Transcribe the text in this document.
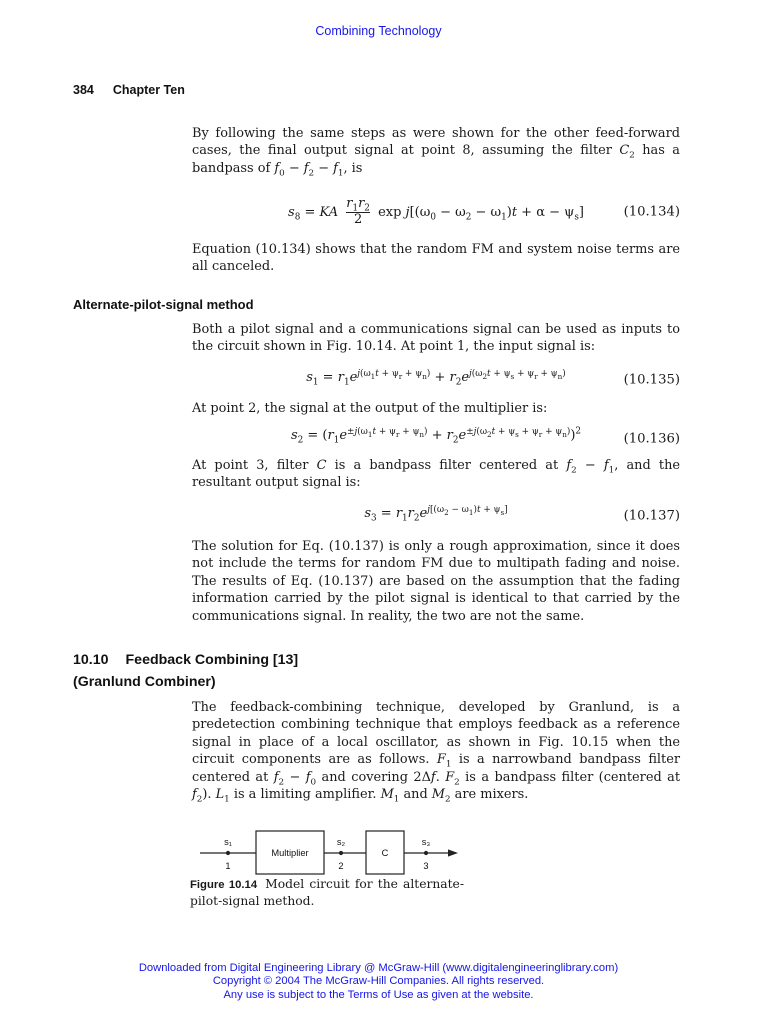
Combining Technology
384 Chapter Ten

By following the same steps as were shown for the other feed-forward cases, the final output signal at point 8, assuming the filter $C_2$ has a bandpass of $f_0 - f_2 - f_1$, is

$s_8$ = KA $\frac{r_1r_2}{2}$ $\exp j[(\omega_0 - \omega_2 - \omega_1)t + \alpha - \psi_s]$	(10.134)

Equation (10.134) shows that the random FM and system noise terms are all canceled.

Alternate-pilot-signal method

Both a pilot signal and a communications signal can be used as inputs to the circuit shown in Fig. 10.14. At point 1, the input signal is:

$s_1 = r_1e^{j(\omega_1t + \psi_r + \psi_n)} + r_2e^{j(\omega_2t + \psi_s + \psi_r + \psi_n)}$	(10.135)

At point 2, the signal at the output of the multiplier is:

$s_2 = (r_1e^{\pm j(\omega_1t + \psi_r + \psi_n)} + r_2e^{\pm j(\omega_2t + \psi_s + \psi_r + \psi_n)})^2$	(10.136)

At point 3, filter C is a bandpass filter centered at $f_2 - f_1$, and the resultant output signal is:

$s_3 = r_1r_2e^{j[(\omega_2 - \omega_1)t + \psi_s]}$	(10.137)

The solution for Eq. (10.137) is only a rough approximation, since it does not include the terms for random FM due to multipath fading and noise. The results of Eq. (10.137) are based on the assumption that the fading information carried by the pilot signal is identical to that carried by the communications signal. In reality, the two are not the same.

10.10 Feedback Combining [13]
(Granlund Combiner)

The feedback-combining technique, developed by Granlund, is a predetection combining technique that employs feedback as a reference signal in place of a local oscillator, as shown in Fig. 10.15 when the circuit components are as follows. $F_1$ is a narrowband bandpass filter centered at $f_2 - f_0$ and covering 2Δf. $F_2$ is a bandpass filter (centered at $f_2$). $L_1$ is a limiting amplifier. $M_1$ and $M_2$ are mixers.

Multiplier	C
s₁	s₂	s₃
1	2	3
Figure 10.14 Model circuit for the alternate-pilot-signal method.
Downloaded from Digital Engineering Library @ McGraw-Hill (www.digitalengineeringlibrary.com)
Copyright © 2004 The McGraw-Hill Companies. All rights reserved.
Any use is subject to the Terms of Use as given at the website.
